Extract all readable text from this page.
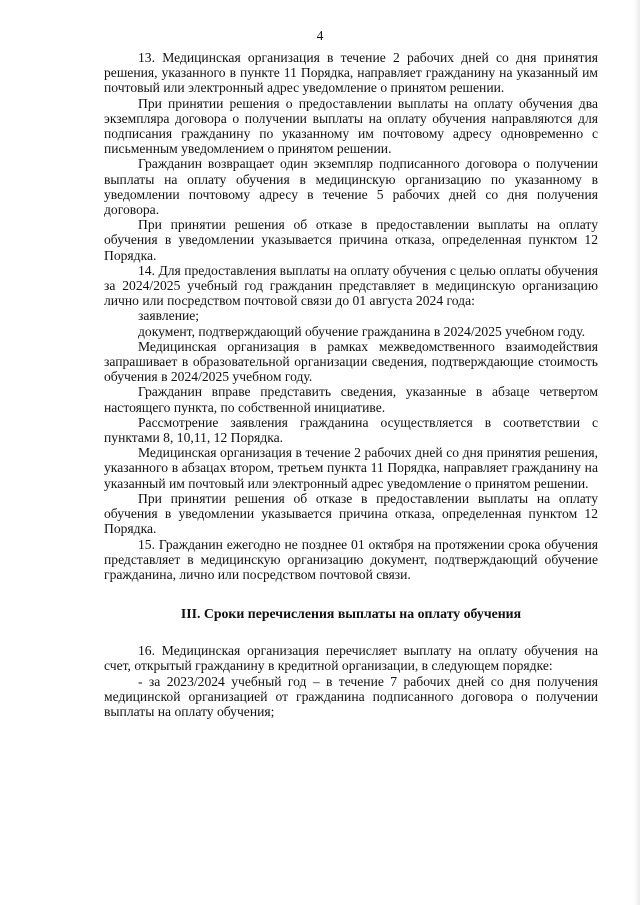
4

13. Медицинская организация в течение 2 рабочих дней со дня принятия решения, указанного в пункте 11 Порядка, направляет гражданину на указанный им почтовый или электронный адрес уведомление о принятом решении.

При принятии решения о предоставлении выплаты на оплату обучения два экземпляра договора о получении выплаты на оплату обучения направляются для подписания гражданину по указанному им почтовому адресу одновременно с письменным уведомлением о принятом решении.

Гражданин возвращает один экземпляр подписанного договора о получении выплаты на оплату обучения в медицинскую организацию по указанному в уведомлении почтовому адресу в течение 5 рабочих дней со дня получения договора.

При принятии решения об отказе в предоставлении выплаты на оплату обучения в уведомлении указывается причина отказа, определенная пунктом 12 Порядка.

14. Для предоставления выплаты на оплату обучения с целью оплаты обучения за 2024/2025 учебный год гражданин представляет в медицинскую организацию лично или посредством почтовой связи до 01 августа 2024 года:

заявление;

документ, подтверждающий обучение гражданина в 2024/2025 учебном году.

Медицинская организация в рамках межведомственного взаимодействия запрашивает в образовательной организации сведения, подтверждающие стоимость обучения в 2024/2025 учебном году.

Гражданин вправе представить сведения, указанные в абзаце четвертом настоящего пункта, по собственной инициативе.

Рассмотрение заявления гражданина осуществляется в соответствии с пунктами 8, 10,11, 12 Порядка.

Медицинская организация в течение 2 рабочих дней со дня принятия решения, указанного в абзацах втором, третьем пункта 11 Порядка, направляет гражданину на указанный им почтовый или электронный адрес уведомление о принятом решении.

При принятии решения об отказе в предоставлении выплаты на оплату обучения в уведомлении указывается причина отказа, определенная пунктом 12 Порядка.

15. Гражданин ежегодно не позднее 01 октября на протяжении срока обучения представляет в медицинскую организацию документ, подтверждающий обучение гражданина, лично или посредством почтовой связи.

III. Сроки перечисления выплаты на оплату обучения

16. Медицинская организация перечисляет выплату на оплату обучения на счет, открытый гражданину в кредитной организации, в следующем порядке:

- за 2023/2024 учебный год – в течение 7 рабочих дней со дня получения медицинской организацией от гражданина подписанного договора о получении выплаты на оплату обучения;
